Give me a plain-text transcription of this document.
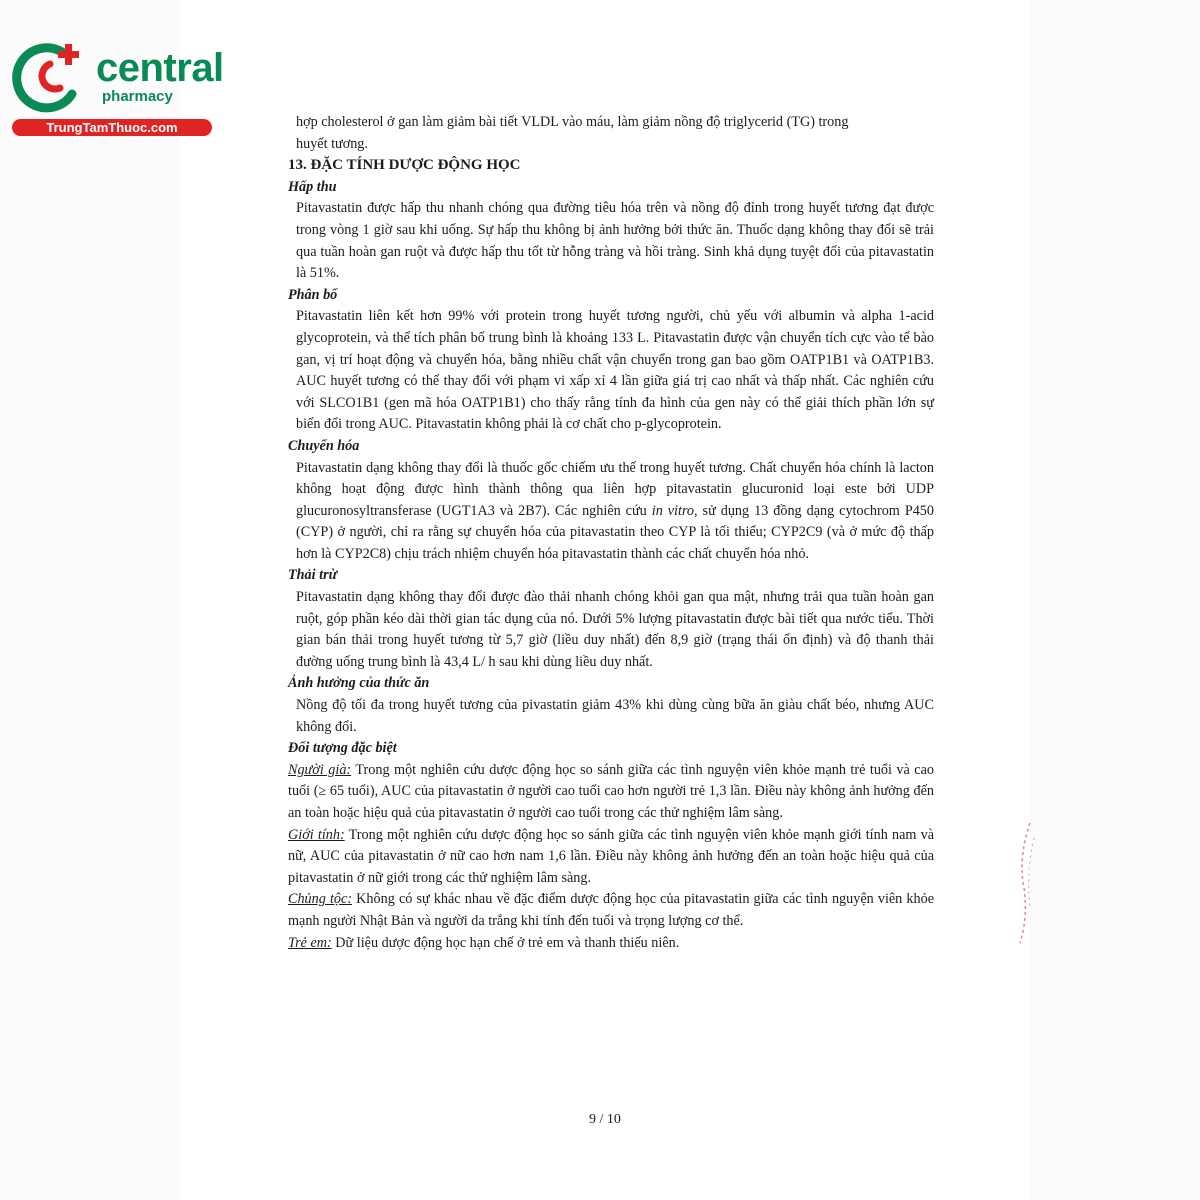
central
pharmacy
TrungTamThuoc.com	hợp cholesterol ở gan làm giảm bài tiết VLDL vào máu, làm giảm nồng độ triglycerid (TG) trong
huyết tương.

13. ĐẶC TÍNH DƯỢC ĐỘNG HỌC

Hấp thu

Pitavastatin được hấp thu nhanh chóng qua đường tiêu hóa trên và nồng độ đỉnh trong huyết tương đạt được trong vòng 1 giờ sau khi uống. Sự hấp thu không bị ảnh hưởng bởi thức ăn. Thuốc dạng không thay đổi sẽ trải qua tuần hoàn gan ruột và được hấp thu tốt từ hỗng tràng và hồi tràng. Sinh khả dụng tuyệt đối của pitavastatin là 51%.

Phân bố

Pitavastatin liên kết hơn 99% với protein trong huyết tương người, chủ yếu với albumin và alpha 1-acid glycoprotein, và thể tích phân bố trung bình là khoảng 133 L. Pitavastatin được vận chuyển tích cực vào tế bào gan, vị trí hoạt động và chuyển hóa, bằng nhiều chất vận chuyển trong gan bao gồm OATP1B1 và OATP1B3. AUC huyết tương có thể thay đổi với phạm vi xấp xỉ 4 lần giữa giá trị cao nhất và thấp nhất. Các nghiên cứu với SLCO1B1 (gen mã hóa OATP1B1) cho thấy rằng tính đa hình của gen này có thể giải thích phần lớn sự biến đổi trong AUC. Pitavastatin không phải là cơ chất cho p-glycoprotein.

Chuyển hóa

Pitavastatin dạng không thay đổi là thuốc gốc chiếm ưu thế trong huyết tương. Chất chuyển hóa chính là lacton không hoạt động được hình thành thông qua liên hợp pitavastatin glucuronid loại este bởi UDP glucuronosyltransferase (UGT1A3 và 2B7). Các nghiên cứu in vitro, sử dụng 13 đồng dạng cytochrom P450 (CYP) ở người, chỉ ra rằng sự chuyển hóa của pitavastatin theo CYP là tối thiểu; CYP2C9 (và ở mức độ thấp hơn là CYP2C8) chịu trách nhiệm chuyển hóa pitavastatin thành các chất chuyển hóa nhỏ.

Thải trừ

Pitavastatin dạng không thay đổi được đào thải nhanh chóng khỏi gan qua mật, nhưng trải qua tuần hoàn gan ruột, góp phần kéo dài thời gian tác dụng của nó. Dưới 5% lượng pitavastatin được bài tiết qua nước tiểu. Thời gian bán thải trong huyết tương từ 5,7 giờ (liều duy nhất) đến 8,9 giờ (trạng thái ổn định) và độ thanh thải đường uống trung bình là 43,4 L/ h sau khi dùng liều duy nhất.

Ảnh hưởng của thức ăn

Nồng độ tối đa trong huyết tương của pivastatin giảm 43% khi dùng cùng bữa ăn giàu chất béo, nhưng AUC không đổi.

Đối tượng đặc biệt

Người già: Trong một nghiên cứu dược động học so sánh giữa các tình nguyện viên khỏe mạnh trẻ tuổi và cao tuổi (≥ 65 tuổi), AUC của pitavastatin ở người cao tuổi cao hơn người trẻ 1,3 lần. Điều này không ảnh hưởng đến an toàn hoặc hiệu quả của pitavastatin ở người cao tuổi trong các thử nghiệm lâm sàng.

Giới tính: Trong một nghiên cứu dược động học so sánh giữa các tình nguyện viên khỏe mạnh giới tính nam và nữ, AUC của pitavastatin ở nữ cao hơn nam 1,6 lần. Điều này không ảnh hưởng đến an toàn hoặc hiệu quả của pitavastatin ở nữ giới trong các thử nghiệm lâm sàng.

Chủng tộc: Không có sự khác nhau về đặc điểm dược động học của pitavastatin giữa các tình nguyện viên khỏe mạnh người Nhật Bản và người da trắng khi tính đến tuổi và trọng lượng cơ thể.

Trẻ em: Dữ liệu dược động học hạn chế ở trẻ em và thanh thiếu niên.

9 / 10
